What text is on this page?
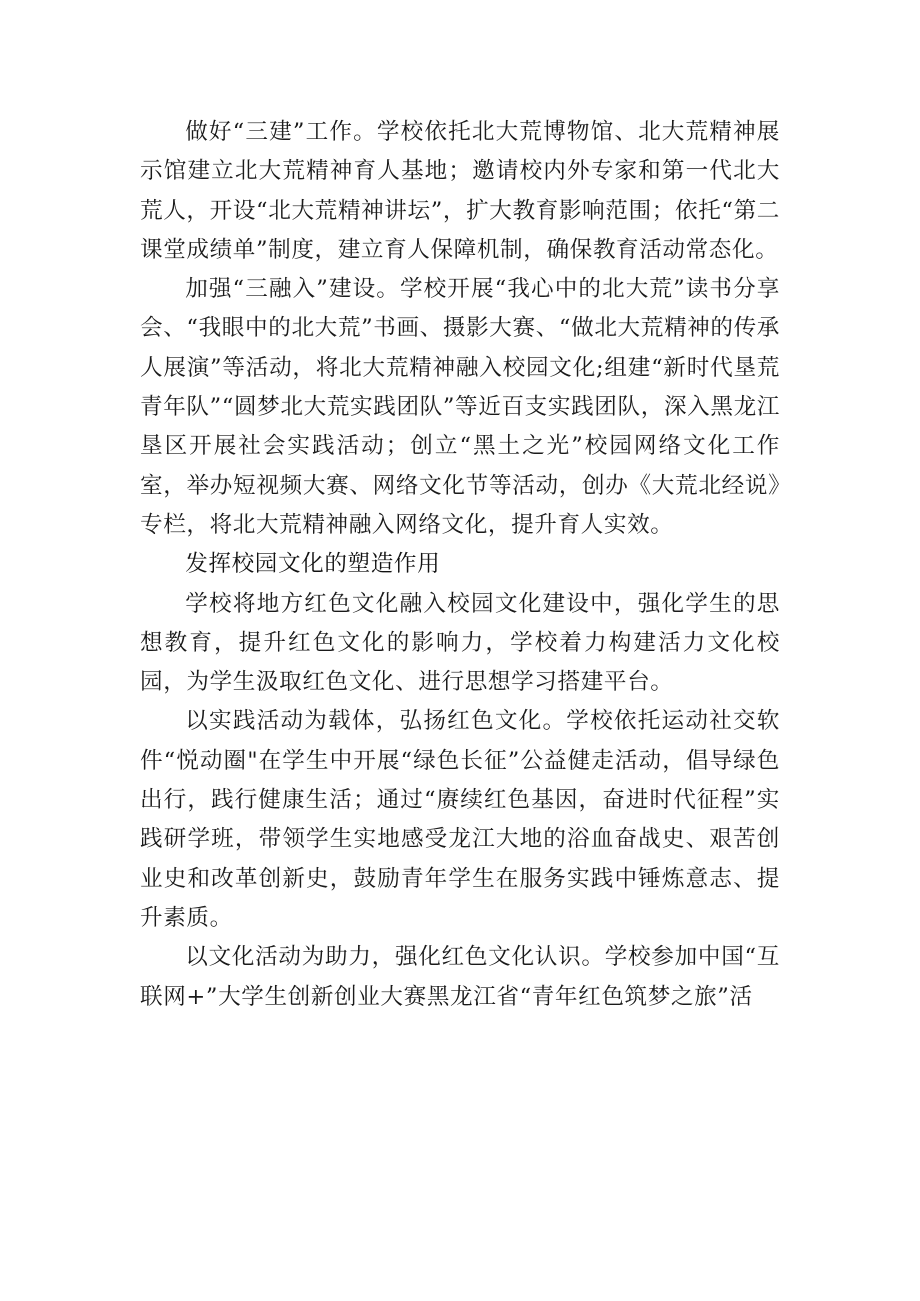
做好“三建”工作。学校依托北大荒博物馆、北大荒精神展示馆建立北大荒精神育人基地；邀请校内外专家和第一代北大荒人，开设“北大荒精神讲坛”，扩大教育影响范围；依托“第二课堂成绩单”制度，建立育人保障机制，确保教育活动常态化。

加强“三融入”建设。学校开展“我心中的北大荒”读书分享会、“我眼中的北大荒”书画、摄影大赛、“做北大荒精神的传承人展演”等活动，将北大荒精神融入校园文化;组建“新时代垦荒青年队”“圆梦北大荒实践团队”等近百支实践团队，深入黑龙江垦区开展社会实践活动；创立“黑土之光”校园网络文化工作室，举办短视频大赛、网络文化节等活动，创办《大荒北经说》专栏，将北大荒精神融入网络文化，提升育人实效。

发挥校园文化的塑造作用

学校将地方红色文化融入校园文化建设中，强化学生的思想教育，提升红色文化的影响力，学校着力构建活力文化校园，为学生汲取红色文化、进行思想学习搭建平台。

以实践活动为载体，弘扬红色文化。学校依托运动社交软件“悦动圈"在学生中开展“绿色长征”公益健走活动，倡导绿色出行，践行健康生活；通过“赓续红色基因，奋进时代征程”实践研学班，带领学生实地感受龙江大地的浴血奋战史、艰苦创业史和改革创新史，鼓励青年学生在服务实践中锤炼意志、提升素质。

以文化活动为助力，强化红色文化认识。学校参加中国“互联网+”大学生创新创业大赛黑龙江省“青年红色筑梦之旅”活
